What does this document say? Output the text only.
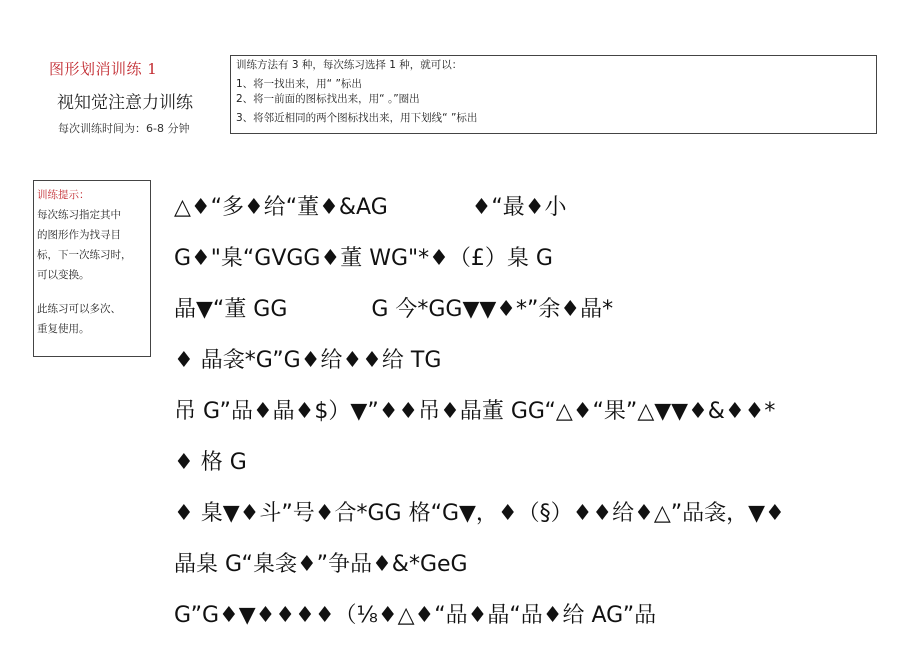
图形划消训练 1
视知觉注意力训练
每次训练时间为：6-8 分钟
训练方法有 3 种，每次练习选择 1 种，就可以：
1、将一找出来，用“ ”标出
2、将一前面的图标找出来，用“ 。”圈出
3、将邻近相同的两个图标找出来，用下划线“ ”标出
训练提示：
每次练习指定其中
的图形作为找寻目
标，下一次练习时，
可以变换。
此练习可以多次、
重复使用。
△♦“多♦给“董♦&AG            ♦“最♦小
G♦"臬“GVGG♦董 WG"*♦（£）臬 G
晶▼“董 GG            G 今*GG▼▼♦*”余♦晶*
♦ 晶衾*G”G♦给♦♦给 TG
吊 G”品♦晶♦$）▼”♦♦吊♦晶董 GG“△♦“果”△▼▼♦&♦♦*
♦ 格 G
♦ 臬▼♦斗”号♦合*GG 格“G▼，♦（§）♦♦给♦△”品衾，▼♦
晶臬 G“臬衾♦”争品♦&*GeG
G”G♦▼♦♦♦♦（⅛♦△♦“品♦晶“品♦给 AG”品
